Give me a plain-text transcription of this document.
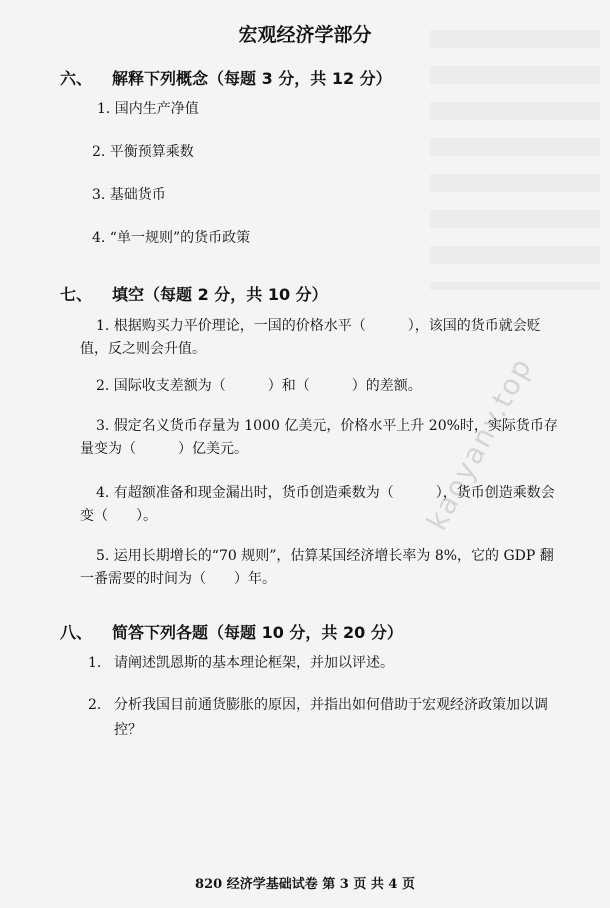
kaoyany.top
宏观经济学部分
六、 解释下列概念（每题 3 分，共 12 分）
1. 国内生产净值
2. 平衡预算乘数
3. 基础货币
4. “单一规则”的货币政策
七、 填空（每题 2 分，共 10 分）
1. 根据购买力平价理论，一国的价格水平（　　　），该国的货币就会贬值，反之则会升值。
2. 国际收支差额为（　　　）和（　　　）的差额。
3. 假定名义货币存量为 1000 亿美元，价格水平上升 20%时，实际货币存量变为（　　　）亿美元。
4. 有超额准备和现金漏出时，货币创造乘数为（　　　），货币创造乘数会变（　　）。
5. 运用长期增长的“70 规则”，估算某国经济增长率为 8%，它的 GDP 翻一番需要的时间为（　　）年。
八、 简答下列各题（每题 10 分，共 20 分）
1. 请阐述凯恩斯的基本理论框架，并加以评述。
2. 分析我国目前通货膨胀的原因，并指出如何借助于宏观经济政策加以调控？
820 经济学基础试卷 第 3 页 共 4 页
